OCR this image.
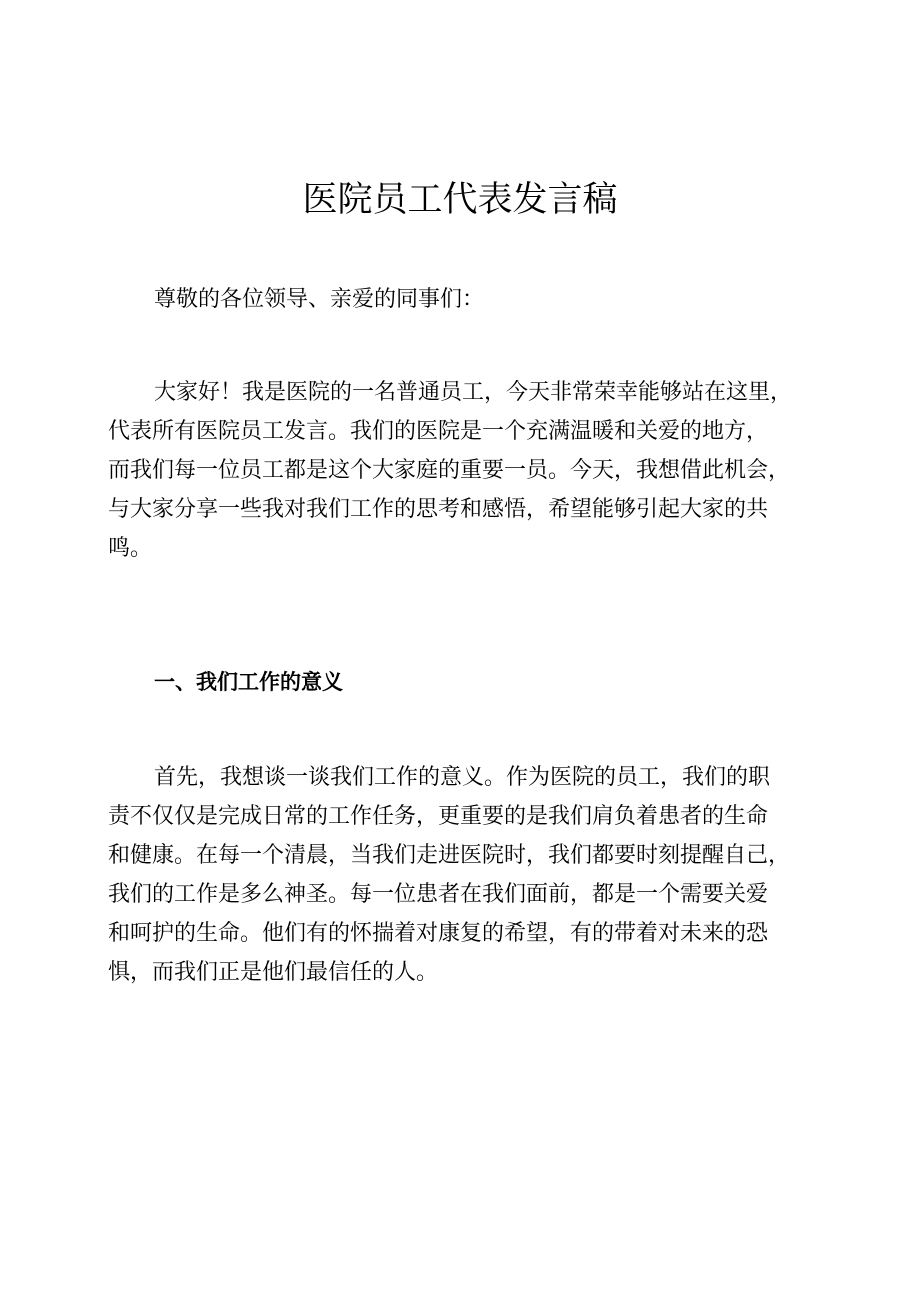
医院员工代表发言稿

尊敬的各位领导、亲爱的同事们：

大家好！我是医院的一名普通员工，今天非常荣幸能够站在这里，
代表所有医院员工发言。我们的医院是一个充满温暖和关爱的地方，
而我们每一位员工都是这个大家庭的重要一员。今天，我想借此机会，
与大家分享一些我对我们工作的思考和感悟，希望能够引起大家的共
鸣。

一、我们工作的意义

首先，我想谈一谈我们工作的意义。作为医院的员工，我们的职
责不仅仅是完成日常的工作任务，更重要的是我们肩负着患者的生命
和健康。在每一个清晨，当我们走进医院时，我们都要时刻提醒自己，
我们的工作是多么神圣。每一位患者在我们面前，都是一个需要关爱
和呵护的生命。他们有的怀揣着对康复的希望，有的带着对未来的恐
惧，而我们正是他们最信任的人。
